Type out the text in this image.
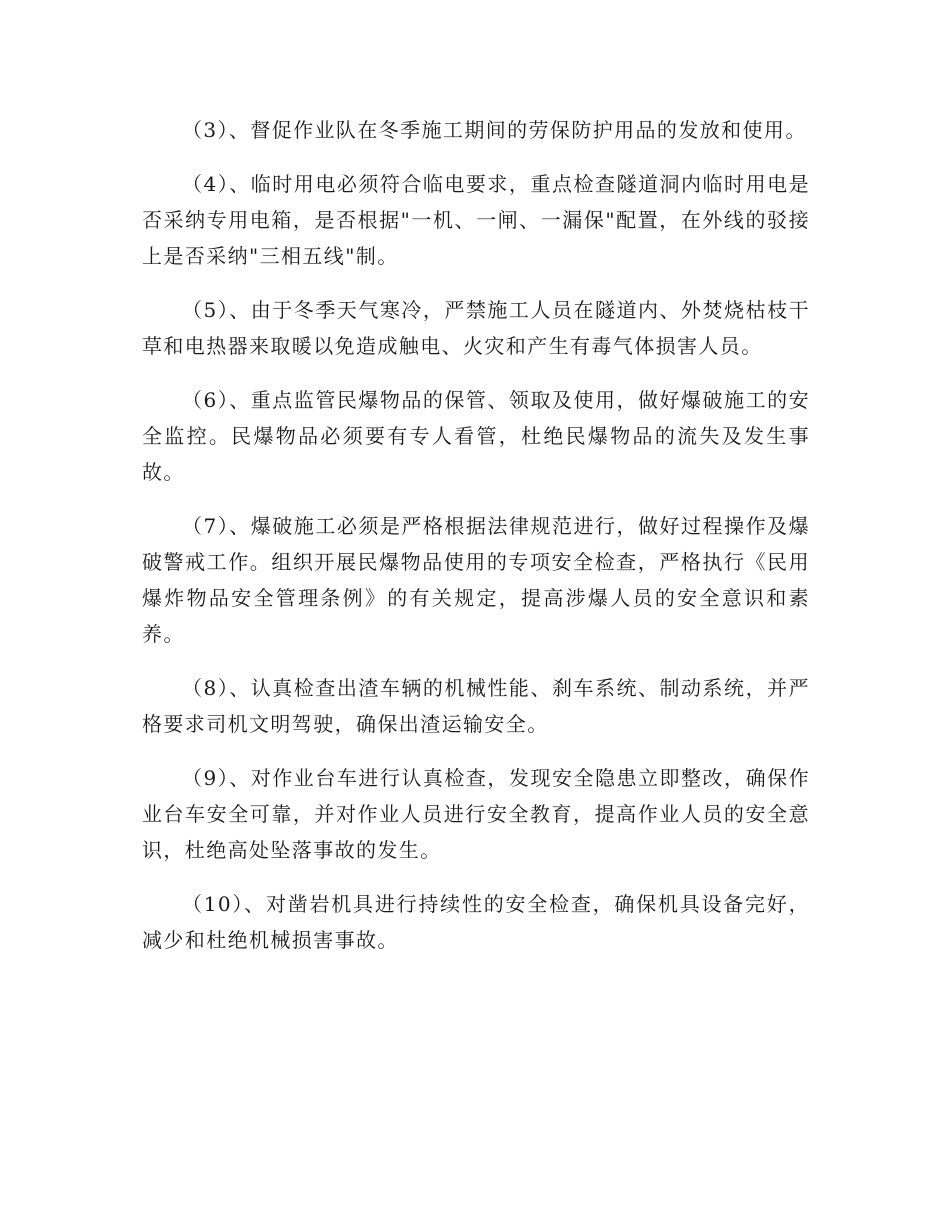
（3）、督促作业队在冬季施工期间的劳保防护用品的发放和使用。

（4）、临时用电必须符合临电要求，重点检查隧道洞内临时用电是否采纳专用电箱，是否根据"一机、一闸、一漏保"配置，在外线的驳接上是否采纳"三相五线"制。

（5）、由于冬季天气寒冷，严禁施工人员在隧道内、外焚烧枯枝干草和电热器来取暖以免造成触电、火灾和产生有毒气体损害人员。

（6）、重点监管民爆物品的保管、领取及使用，做好爆破施工的安全监控。民爆物品必须要有专人看管，杜绝民爆物品的流失及发生事故。

（7）、爆破施工必须是严格根据法律规范进行，做好过程操作及爆破警戒工作。组织开展民爆物品使用的专项安全检查，严格执行《民用爆炸物品安全管理条例》的有关规定，提高涉爆人员的安全意识和素养。

（8）、认真检查出渣车辆的机械性能、刹车系统、制动系统，并严格要求司机文明驾驶，确保出渣运输安全。

（9）、对作业台车进行认真检查，发现安全隐患立即整改，确保作业台车安全可靠，并对作业人员进行安全教育，提高作业人员的安全意识，杜绝高处坠落事故的发生。

（10）、对凿岩机具进行持续性的安全检查，确保机具设备完好，减少和杜绝机械损害事故。
